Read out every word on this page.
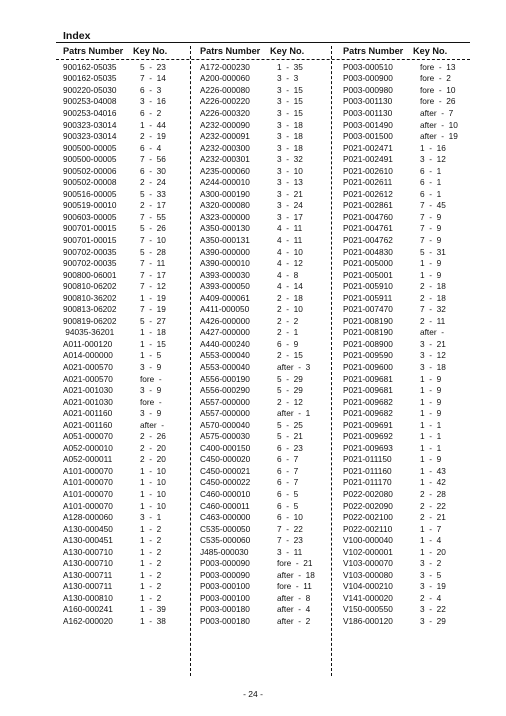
Index
Patrs Number	Key No.
900162-05035	5  -  23
900162-05035	7  -  14
900220-05030	6  -  3
900253-04008	3  -  16
900253-04016	6  -  2
900323-03014	1  -  44
900323-03014	2  -  19
900500-00005	6  -  4
900500-00005	7  -  56
900502-00006	6  -  30
900502-00008	2  -  24
900516-00005	5  -  33
900519-00010	2  -  17
900603-00005	7  -  55
900701-00015	5  -  26
900701-00015	7  -  10
900702-00035	5  -  28
900702-00035	7  -  11
900800-06001	7  -  17
900810-06202	7  -  12
900810-36202	1  -  19
900813-06202	7  -  19
900819-06202	5  -  27
94035-36201	1  -  18
A011-000120	1  -  15
A014-000000	1  -  5
A021-000570	3  -  9
A021-000570	fore  -
A021-001030	3  -  9
A021-001030	fore  -
A021-001160	3  -  9
A021-001160	after  -
A051-000070	2  -  26
A052-000010	2  -  20
A052-000011	2  -  20
A101-000070	1  -  10
A101-000070	1  -  10
A101-000070	1  -  10
A101-000070	1  -  10
A128-000060	3  -  1
A130-000450	1  -  2
A130-000451	1  -  2
A130-000710	1  -  2
A130-000710	1  -  2
A130-000711	1  -  2
A130-000711	1  -  2
A130-000810	1  -  2
A160-000241	1  -  39
A162-000020	1  -  38
Patrs Number	Key No.
A172-000230	1  -  35
A200-000060	3  -  3
A226-000080	3  -  15
A226-000220	3  -  15
A226-000320	3  -  15
A232-000090	3  -  18
A232-000091	3  -  18
A232-000300	3  -  18
A232-000301	3  -  32
A235-000060	3  -  10
A244-000010	3  -  13
A300-000190	3  -  21
A320-000080	3  -  24
A323-000000	3  -  17
A350-000130	4  -  11
A350-000131	4  -  11
A390-000000	4  -  10
A390-000010	4  -  12
A393-000030	4  -  8
A393-000050	4  -  14
A409-000061	2  -  18
A411-000050	2  -  10
A426-000000	2  -  2
A427-000000	2  -  1
A440-000240	6  -  9
A553-000040	2  -  15
A553-000040	after  -  3
A556-000190	5  -  29
A556-000290	5  -  29
A557-000000	2  -  12
A557-000000	after  -  1
A570-000040	5  -  25
A575-000030	5  -  21
C400-000150	6  -  23
C450-000020	6  -  7
C450-000021	6  -  7
C450-000022	6  -  7
C460-000010	6  -  5
C460-000011	6  -  5
C463-000000	6  -  10
C535-000050	7  -  22
C535-000060	7  -  23
J485-000030	3  -  11
P003-000090	fore  -  21
P003-000090	after  -  18
P003-000100	fore  -  11
P003-000100	after  -  8
P003-000180	after  -  4
P003-000180	after  -  2
Patrs Number	Key No.
P003-000510	fore  -  13
P003-000900	fore  -  2
P003-000980	fore  -  10
P003-001130	fore  -  26
P003-001130	after  -  7
P003-001490	after  -  10
P003-001500	after  -  19
P021-002471	1  -  16
P021-002491	3  -  12
P021-002610	6  -  1
P021-002611	6  -  1
P021-002612	6  -  1
P021-002861	7  -  45
P021-004760	7  -  9
P021-004761	7  -  9
P021-004762	7  -  9
P021-004830	5  -  31
P021-005000	1  -  9
P021-005001	1  -  9
P021-005910	2  -  18
P021-005911	2  -  18
P021-007470	7  -  32
P021-008190	2  -  11
P021-008190	after  -
P021-008900	3  -  21
P021-009590	3  -  12
P021-009600	3  -  18
P021-009681	1  -  9
P021-009681	1  -  9
P021-009682	1  -  9
P021-009682	1  -  9
P021-009691	1  -  1
P021-009692	1  -  1
P021-009693	1  -  1
P021-011150	1  -  9
P021-011160	1  -  43
P021-011170	1  -  42
P022-002080	2  -  28
P022-002090	2  -  22
P022-002100	2  -  21
P022-002110	1  -  7
V100-000040	1  -  4
V102-000001	1  -  20
V103-000070	3  -  2
V103-000080	3  -  5
V104-000210	3  -  19
V141-000020	2  -  4
V150-000550	3  -  22
V186-000120	3  -  29
- 24 -
